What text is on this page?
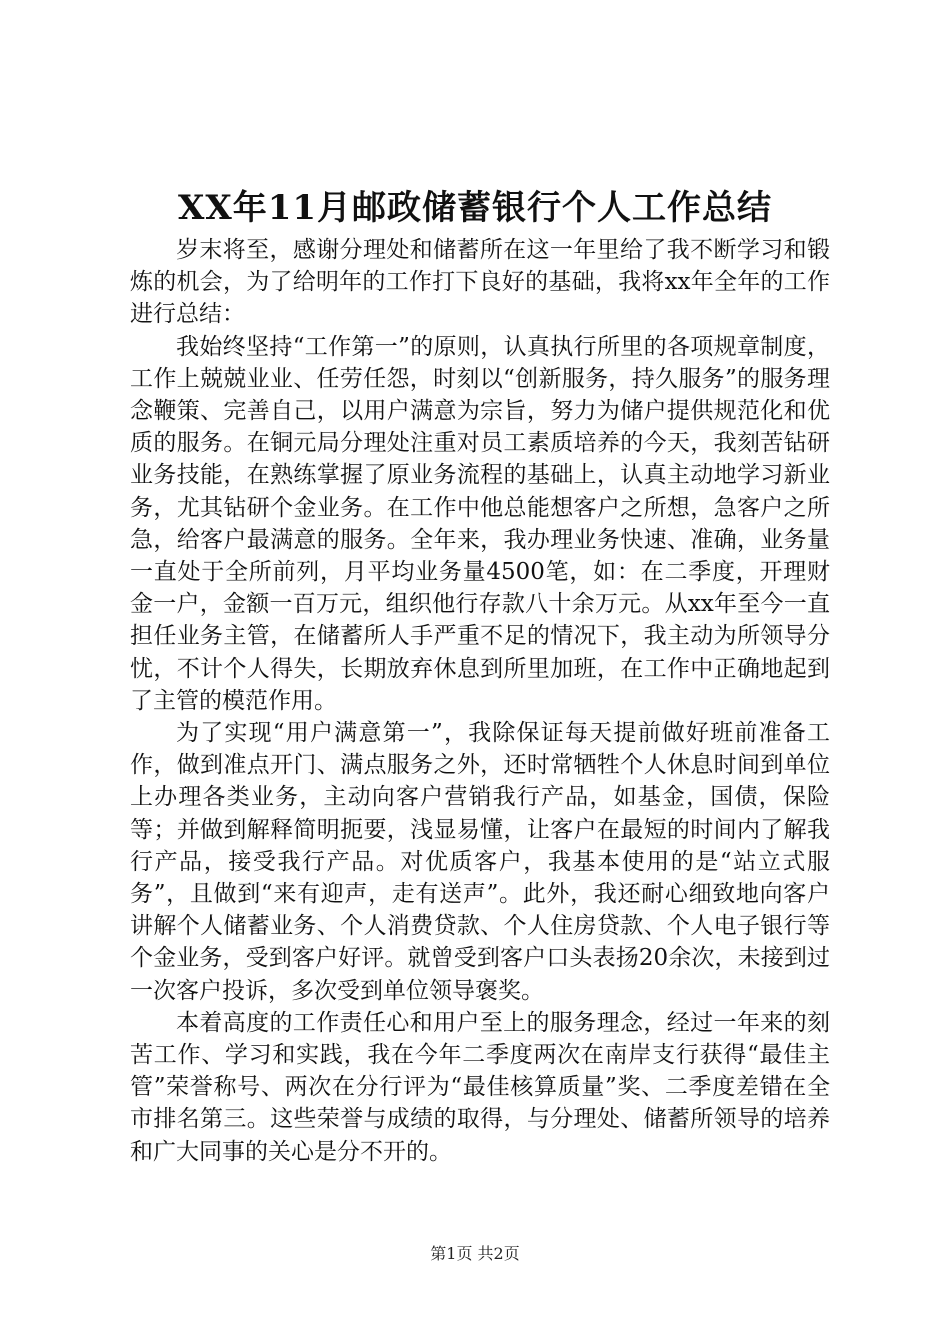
XX年11月邮政储蓄银行个人工作总结

岁末将至，感谢分理处和储蓄所在这一年里给了我不断学习和锻炼的机会，为了给明年的工作打下良好的基础，我将xx年全年的工作进行总结：

我始终坚持“工作第一”的原则，认真执行所里的各项规章制度，工作上兢兢业业、任劳任怨，时刻以“创新服务，持久服务”的服务理念鞭策、完善自己，以用户满意为宗旨，努力为储户提供规范化和优质的服务。在铜元局分理处注重对员工素质培养的今天，我刻苦钻研业务技能，在熟练掌握了原业务流程的基础上，认真主动地学习新业务，尤其钻研个金业务。在工作中他总能想客户之所想，急客户之所急，给客户最满意的服务。全年来，我办理业务快速、准确，业务量一直处于全所前列，月平均业务量4500笔，如：在二季度，开理财金一户，金额一百万元，组织他行存款八十余万元。从xx年至今一直担任业务主管，在储蓄所人手严重不足的情况下，我主动为所领导分忧，不计个人得失，长期放弃休息到所里加班，在工作中正确地起到了主管的模范作用。

为了实现“用户满意第一”，我除保证每天提前做好班前准备工作，做到准点开门、满点服务之外，还时常牺牲个人休息时间到单位上办理各类业务，主动向客户营销我行产品，如基金，国债，保险等；并做到解释简明扼要，浅显易懂，让客户在最短的时间内了解我行产品，接受我行产品。对优质客户，我基本使用的是“站立式服务”，且做到“来有迎声，走有送声”。此外，我还耐心细致地向客户讲解个人储蓄业务、个人消费贷款、个人住房贷款、个人电子银行等个金业务，受到客户好评。就曾受到客户口头表扬20余次，未接到过一次客户投诉，多次受到单位领导褒奖。

本着高度的工作责任心和用户至上的服务理念，经过一年来的刻苦工作、学习和实践，我在今年二季度两次在南岸支行获得“最佳主管”荣誉称号、两次在分行评为“最佳核算质量”奖、二季度差错在全市排名第三。这些荣誉与成绩的取得，与分理处、储蓄所领导的培养和广大同事的关心是分不开的。

第1页 共2页
